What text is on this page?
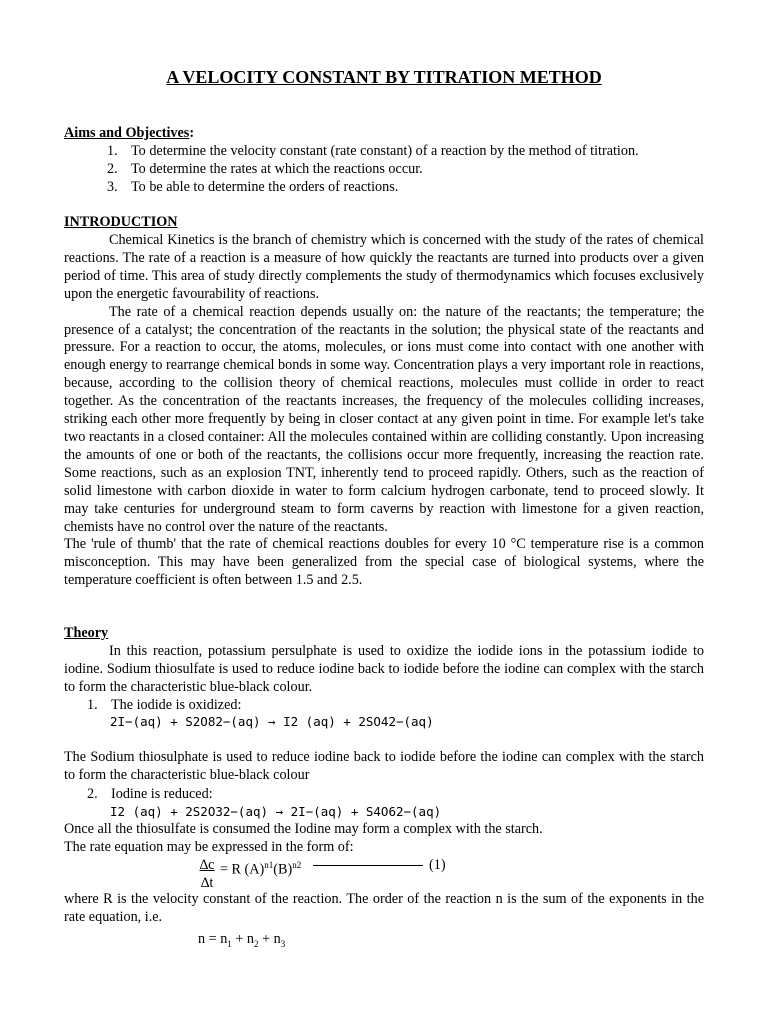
A VELOCITY CONSTANT BY TITRATION METHOD
Aims and Objectives:
1. To determine the velocity constant (rate constant) of a reaction by the method of titration.
2. To determine the rates at which the reactions occur.
3. To be able to determine the orders of reactions.
INTRODUCTION

Chemical Kinetics is the branch of chemistry which is concerned with the study of the rates of chemical reactions. The rate of a reaction is a measure of how quickly the reactants are turned into products over a given period of time. This area of study directly complements the study of thermodynamics which focuses exclusively upon the energetic favourability of reactions.

The rate of a chemical reaction depends usually on: the nature of the reactants; the temperature; the presence of a catalyst; the concentration of the reactants in the solution; the physical state of the reactants and pressure. For a reaction to occur, the atoms, molecules, or ions must come into contact with one another with enough energy to rearrange chemical bonds in some way. Concentration plays a very important role in reactions, because, according to the collision theory of chemical reactions, molecules must collide in order to react together. As the concentration of the reactants increases, the frequency of the molecules colliding increases, striking each other more frequently by being in closer contact at any given point in time. For example let's take two reactants in a closed container: All the molecules contained within are colliding constantly. Upon increasing the amounts of one or both of the reactants, the collisions occur more frequently, increasing the reaction rate. Some reactions, such as an explosion TNT, inherently tend to proceed rapidly. Others, such as the reaction of solid limestone with carbon dioxide in water to form calcium hydrogen carbonate, tend to proceed slowly. It may take centuries for underground steam to form caverns by reaction with limestone for a given reaction, chemists have no control over the nature of the reactants.

The 'rule of thumb' that the rate of chemical reactions doubles for every 10 °C temperature rise is a common misconception. This may have been generalized from the special case of biological systems, where the temperature coefficient is often between 1.5 and 2.5.

Theory

In this reaction, potassium persulphate is used to oxidize the iodide ions in the potassium iodide to iodine. Sodium thiosulfate is used to reduce iodine back to iodide before the iodine can complex with the starch to form the characteristic blue-black colour.

1. The iodide is oxidized:
2I−(aq) + S2O82−(aq) → I2 (aq) + 2SO42−(aq)

The Sodium thiosulphate is used to reduce iodine back to iodide before the iodine can complex with the starch to form the characteristic blue-black colour

2. Iodine is reduced:
I2 (aq) + 2S2O32−(aq) → 2I−(aq) + S4O62−(aq)
Once all the thiosulfate is consumed the Iodine may form a complex with the starch.
The rate equation may be expressed in the form of:
$\frac{\Delta c}{\Delta t} = R$ $(A)^{n1}(B)^{n2}$	(1)

where R is the velocity constant of the reaction. The order of the reaction n is the sum of the exponents in the rate equation, i.e.

$n = n_1 + n_2 + n_3$
